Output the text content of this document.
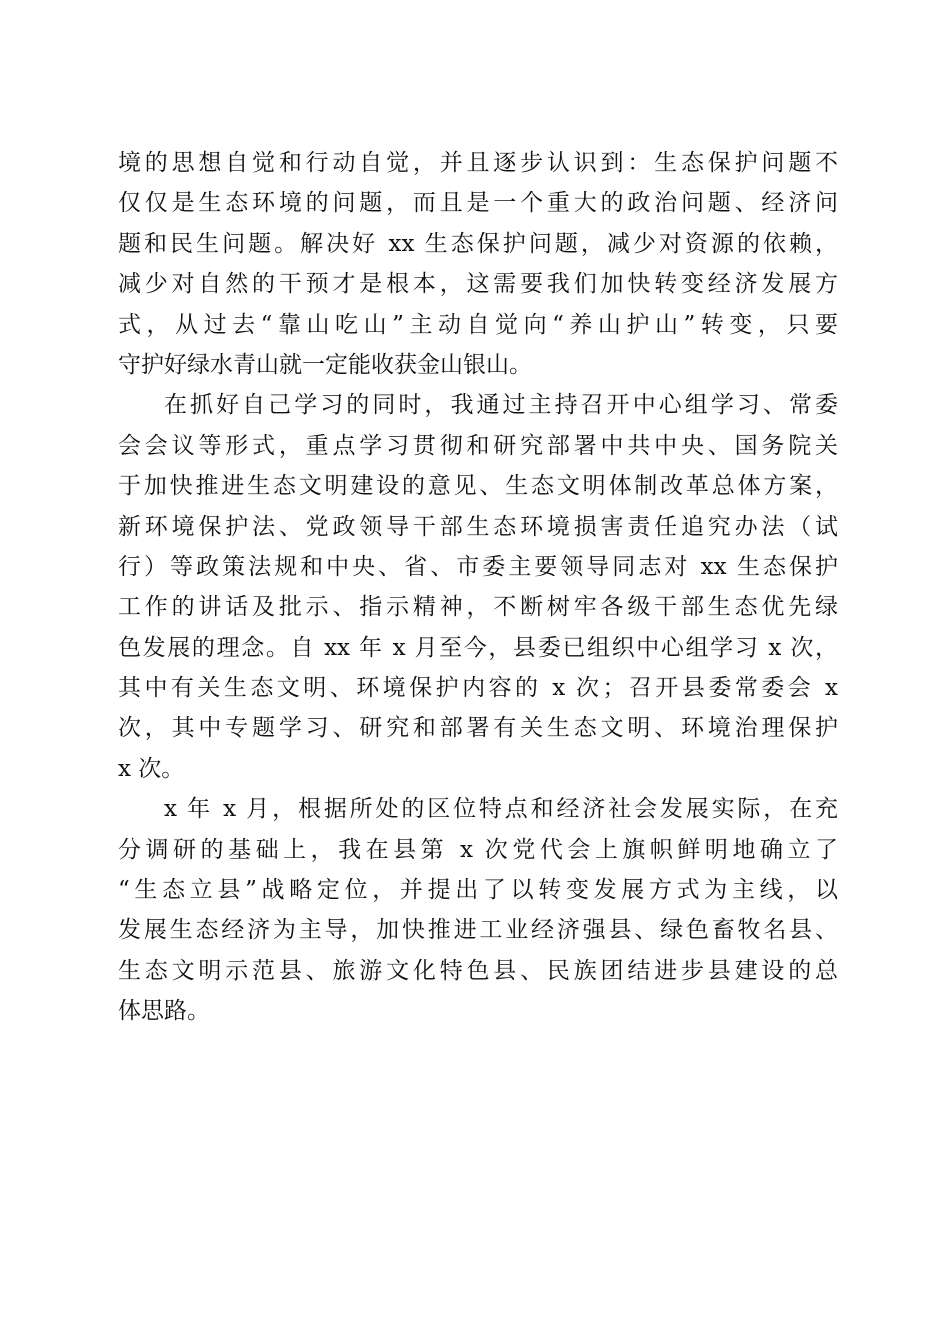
境的思想自觉和行动自觉，并且逐步认识到：生态保护问题不
仅仅是生态环境的问题，而且是一个重大的政治问题、经济问
题和民生问题。解决好 xx 生态保护问题，减少对资源的依赖，
减少对自然的干预才是根本，这需要我们加快转变经济发展方
式，从过去“靠山吃山”主动自觉向“养山护山”转变，只要
守护好绿水青山就一定能收获金山银山。
在抓好自己学习的同时，我通过主持召开中心组学习、常委
会会议等形式，重点学习贯彻和研究部署中共中央、国务院关
于加快推进生态文明建设的意见、生态文明体制改革总体方案，
新环境保护法、党政领导干部生态环境损害责任追究办法（试
行）等政策法规和中央、省、市委主要领导同志对 xx 生态保护
工作的讲话及批示、指示精神，不断树牢各级干部生态优先绿
色发展的理念。自 xx 年 x 月至今，县委已组织中心组学习 x 次，
其中有关生态文明、环境保护内容的 x 次；召开县委常委会 x
次，其中专题学习、研究和部署有关生态文明、环境治理保护
x 次。
x 年 x 月，根据所处的区位特点和经济社会发展实际，在充
分调研的基础上，我在县第 x 次党代会上旗帜鲜明地确立了
“生态立县”战略定位，并提出了以转变发展方式为主线，以
发展生态经济为主导，加快推进工业经济强县、绿色畜牧名县、
生态文明示范县、旅游文化特色县、民族团结进步县建设的总
体思路。
